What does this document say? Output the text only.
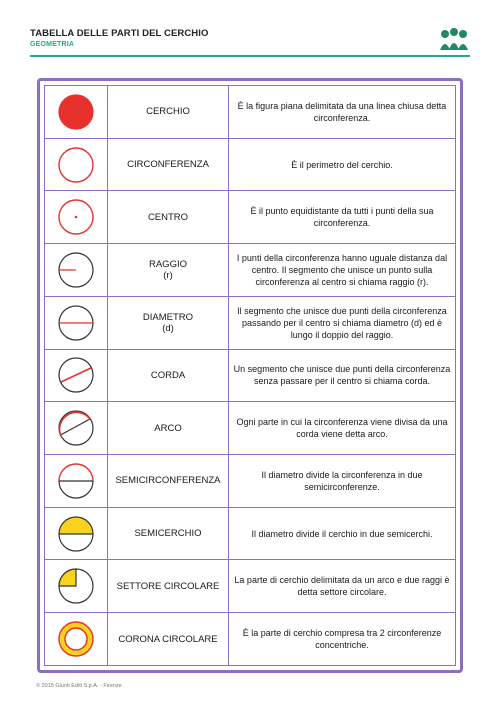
TABELLA DELLE PARTI DEL CERCHIO
GEOMETRIA

CERCHIO	È la figura piana delimitata da una linea chiusa detta circonferenza.

CIRCONFERENZA	È il perimetro del cerchio.

CENTRO	È il punto equidistante da tutti i punti della sua circonferenza.

RAGGIO
(r)	I punti della circonferenza hanno uguale distanza dal centro. Il segmento che unisce un punto sulla circonferenza al centro si chiama raggio (r).

DIAMETRO
(d)	Il segmento che unisce due punti della circonferenza passando per il centro si chiama diametro (d) ed è lungo il doppio del raggio.

CORDA	Un segmento che unisce due punti della circonferenza senza passare per il centro si chiama corda.

ARCO	Ogni parte in cui la circonferenza viene divisa da una corda viene detta arco.

SEMICIRCONFERENZA	Il diametro divide la circonferenza in due semicirconferenze.

SEMICERCHIO	Il diametro divide il cerchio in due semicerchi.

SETTORE CIRCOLARE	La parte di cerchio delimitata da un arco e due raggi è detta settore circolare.

CORONA CIRCOLARE	È la parte di cerchio compresa tra 2 circonferenze concentriche.
© 2015 Giunti Editi S.p.A. · Firenze
